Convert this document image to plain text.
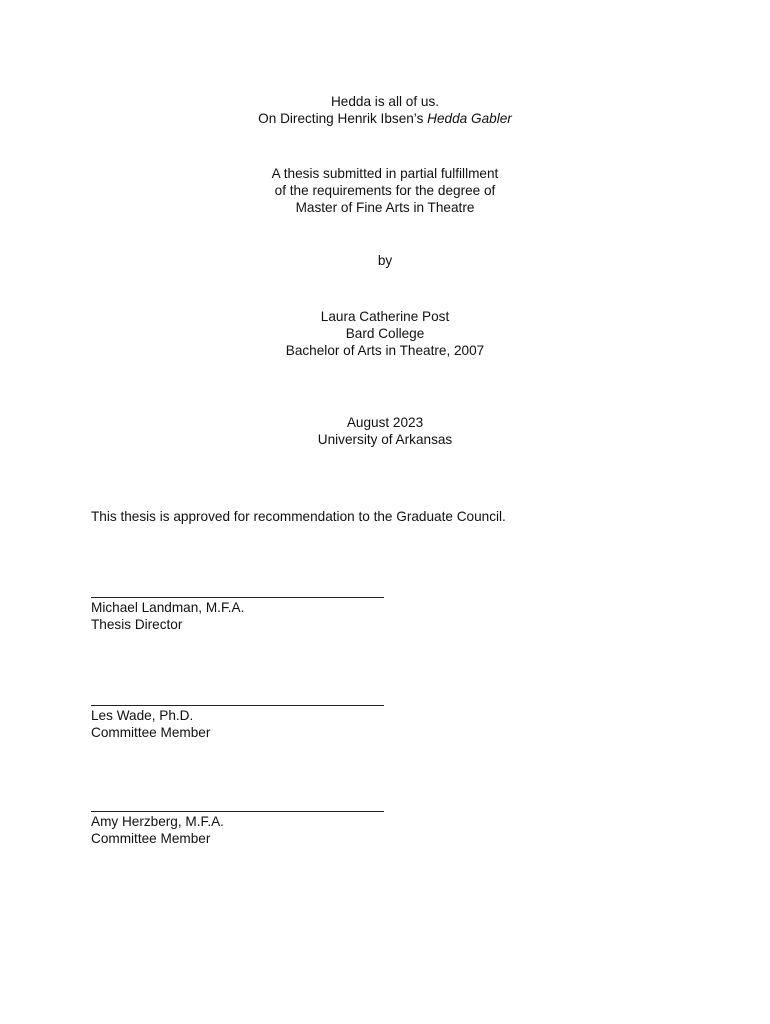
Hedda is all of us.
On Directing Henrik Ibsen’s Hedda Gabler
A thesis submitted in partial fulfillment
of the requirements for the degree of
Master of Fine Arts in Theatre
by
Laura Catherine Post
Bard College
Bachelor of Arts in Theatre, 2007
August 2023
University of Arkansas
This thesis is approved for recommendation to the Graduate Council.
Michael Landman, M.F.A.
Thesis Director
Les Wade, Ph.D.
Committee Member
Amy Herzberg, M.F.A.
Committee Member
